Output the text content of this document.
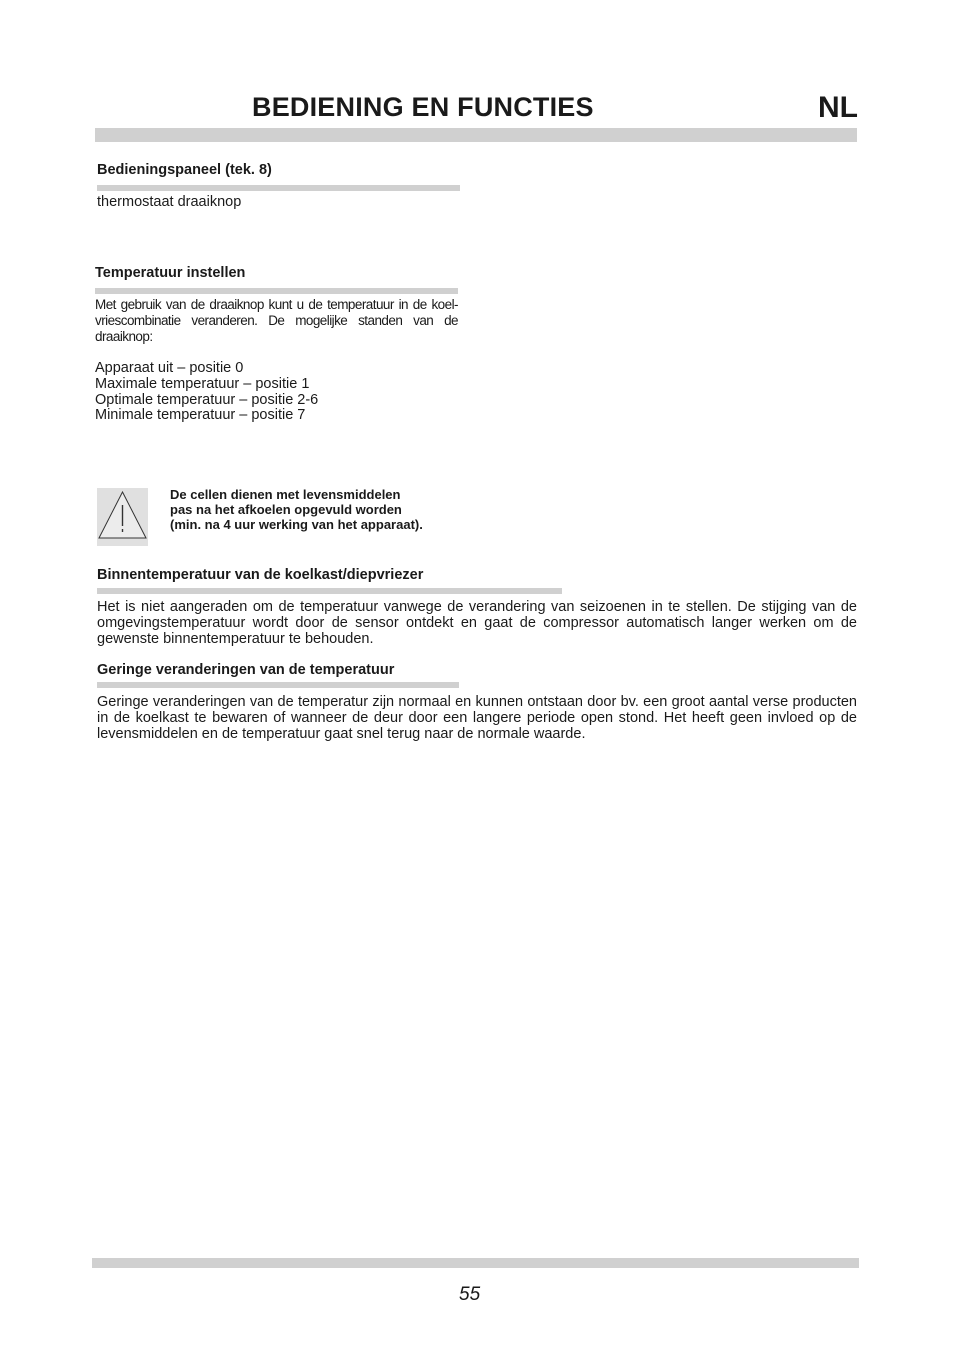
BEDIENING EN FUNCTIES	NL
Bedieningspaneel (tek. 8)
thermostaat draaiknop
Temperatuur instellen
Met gebruik van de draaiknop kunt u de temperatuur in de koel-vriescombinatie veranderen. De mogelijke standen van de draaiknop:
Apparaat uit – positie 0
Maximale temperatuur – positie 1
Optimale temperatuur – positie 2-6
Minimale temperatuur – positie 7
De cellen dienen met levensmiddelen
pas na het afkoelen opgevuld worden
(min. na 4 uur werking van het apparaat).
Binnentemperatuur van de koelkast/diepvriezer
Het is niet aangeraden om de temperatuur vanwege de verandering van seizoenen in te stellen. De stijging van de omgevingstemperatuur wordt door de sensor ontdekt en gaat de compressor automatisch langer werken om de gewenste binnentemperatuur te behouden.
Geringe veranderingen van de temperatuur
Geringe veranderingen van de temperatur zijn normaal en kunnen ontstaan door bv. een groot aantal verse producten in de koelkast te bewaren of wanneer de deur door een langere periode open stond. Het heeft geen invloed op de levensmiddelen en de temperatuur gaat snel terug naar de normale waarde.
55
